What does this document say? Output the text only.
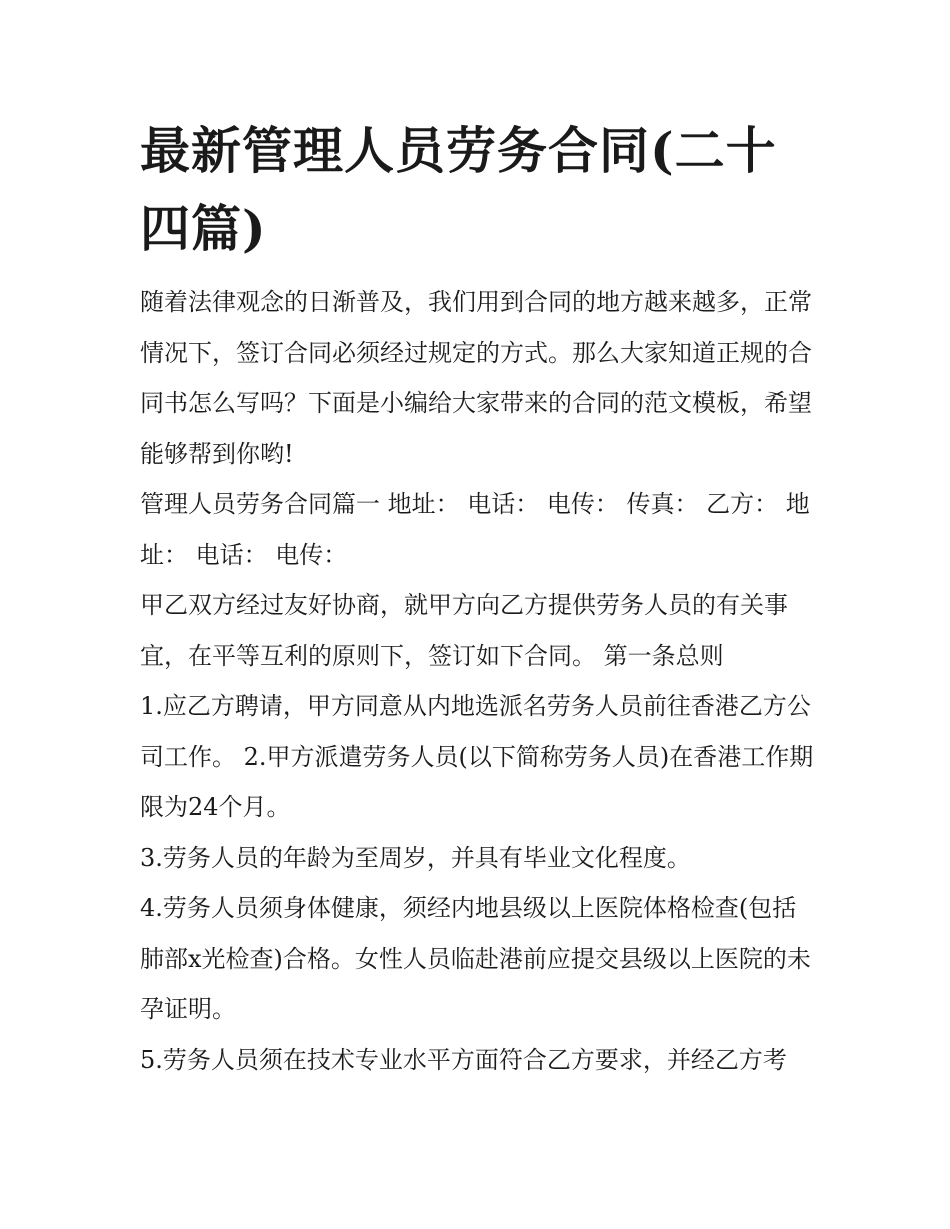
最新管理人员劳务合同(二十四篇)

随着法律观念的日渐普及，我们用到合同的地方越来越多，正常情况下，签订合同必须经过规定的方式。那么大家知道正规的合同书怎么写吗？下面是小编给大家带来的合同的范文模板，希望能够帮到你哟!

管理人员劳务合同篇一 地址： 电话： 电传： 传真： 乙方： 地址： 电话： 电传：

甲乙双方经过友好协商，就甲方向乙方提供劳务人员的有关事宜，在平等互利的原则下，签订如下合同。 第一条总则

1.应乙方聘请，甲方同意从内地选派名劳务人员前往香港乙方公司工作。 2.甲方派遣劳务人员(以下简称劳务人员)在香港工作期限为24个月。

3.劳务人员的年龄为至周岁，并具有毕业文化程度。

4.劳务人员须身体健康，须经内地县级以上医院体格检查(包括肺部x光检查)合格。女性人员临赴港前应提交县级以上医院的未孕证明。

5.劳务人员须在技术专业水平方面符合乙方要求，并经乙方考
